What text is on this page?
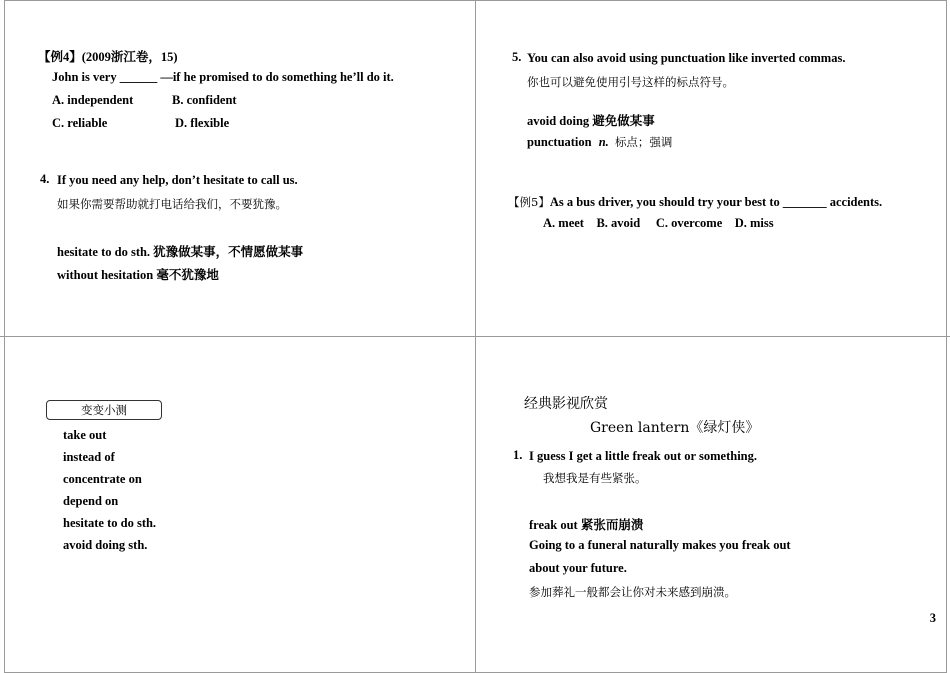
【例4】(2009浙江卷，15)
John is very ______ —if he promised to do something he’ll do it.
A. independent	B. confident
C. reliable	D. flexible
4. If you need any help, don’t hesitate to call us.
如果你需要帮助就打电话给我们，不要犹豫。
hesitate to do sth. 犹豫做某事，不情愿做某事
without hesitation 毫不犹豫地
5. You can also avoid using punctuation like inverted commas.
你也可以避免使用引号这样的标点符号。
avoid doing 避免做某事
punctuation n. 标点；强调
【例5】As a bus driver, you should try your best to _______ accidents.
A. meet    B. avoid     C. overcome    D. miss
变变小测
take out
instead of
concentrate on
depend on
hesitate to do sth.
avoid doing sth.
经典影视欣赏
Green lantern《绿灯侠》
1. I guess I get a little freak out or something.
我想我是有些紧张。
freak out 紧张而崩溃
Going to a funeral naturally makes you freak out
about your future.
参加葬礼一般都会让你对未来感到崩溃。
3
